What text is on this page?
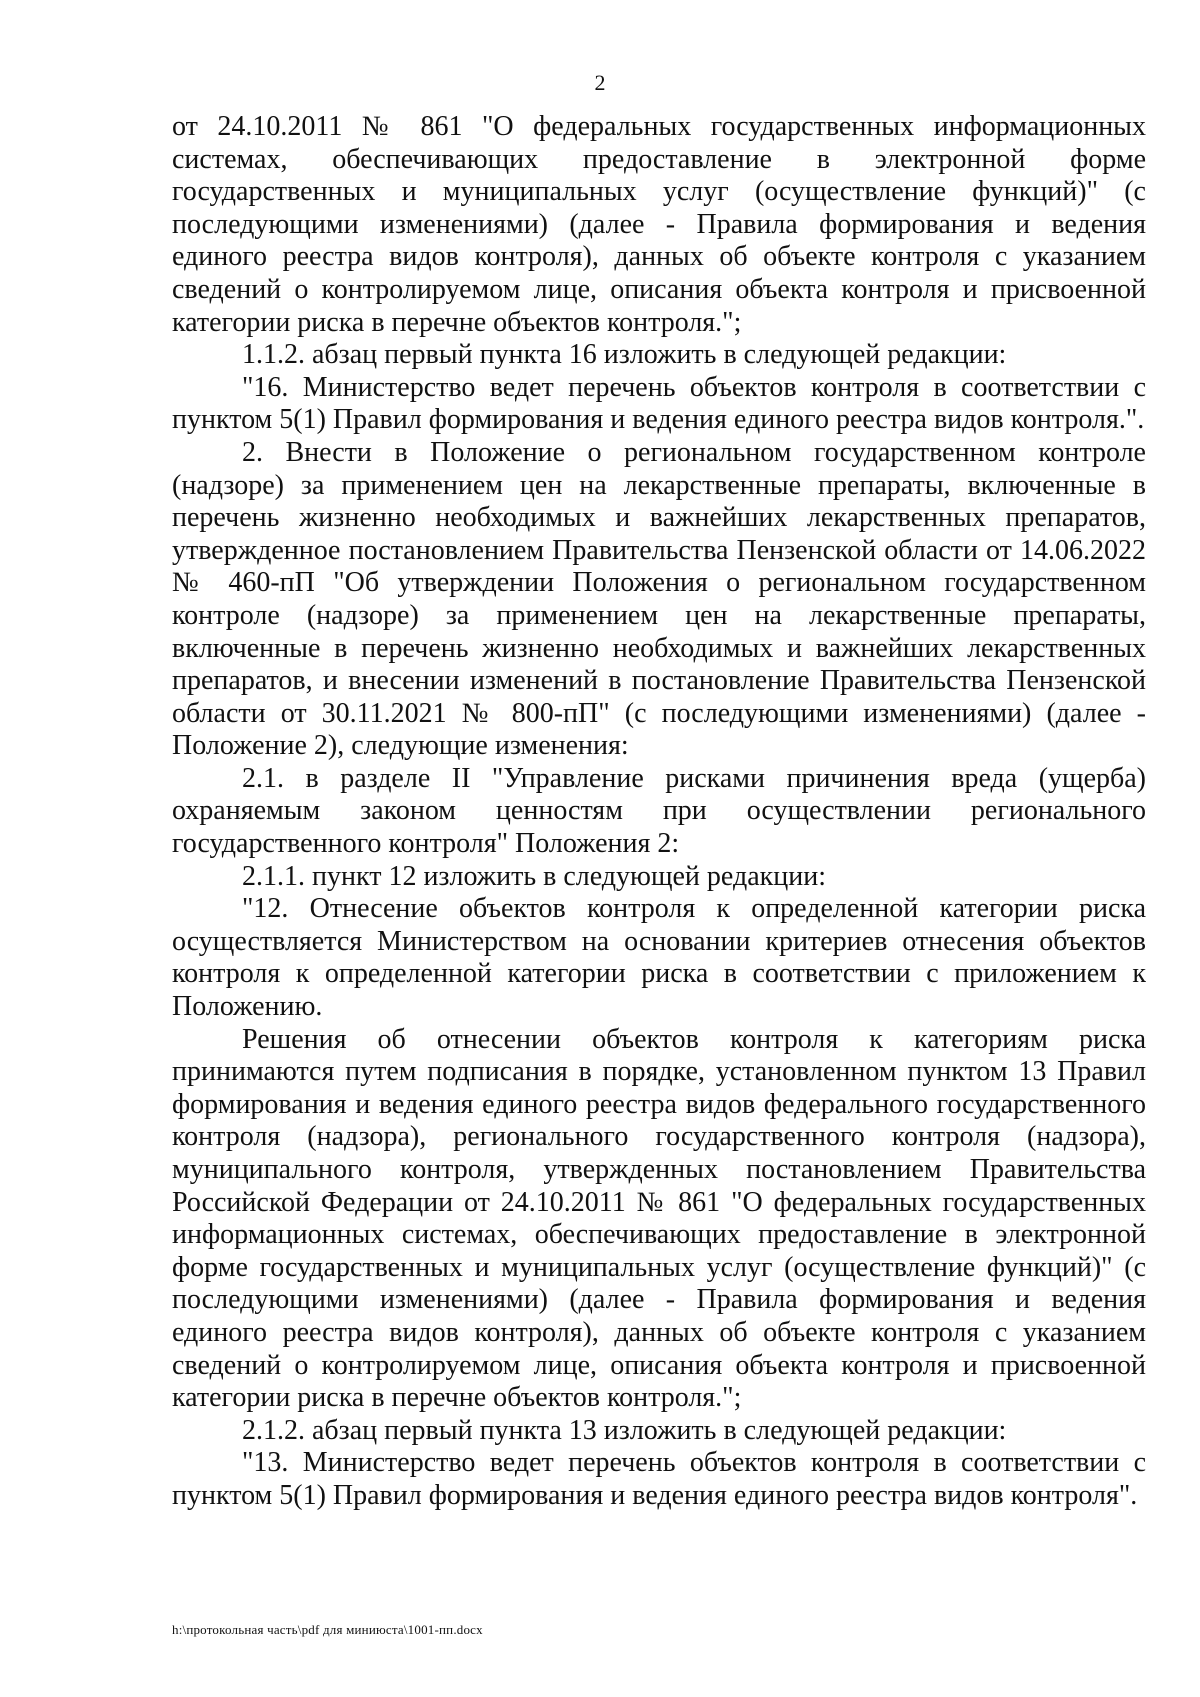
2

от 24.10.2011 № 861 "О федеральных государственных информационных системах, обеспечивающих предоставление в электронной форме государственных и муниципальных услуг (осуществление функций)" (с последующими изменениями) (далее - Правила формирования и ведения единого реестра видов контроля), данных об объекте контроля с указанием сведений о контролируемом лице, описания объекта контроля и присвоенной категории риска в перечне объектов контроля.";

1.1.2. абзац первый пункта 16 изложить в следующей редакции:

"16. Министерство ведет перечень объектов контроля в соответствии с пунктом 5(1) Правил формирования и ведения единого реестра видов контроля.".

2. Внести в Положение о региональном государственном контроле (надзоре) за применением цен на лекарственные препараты, включенные в перечень жизненно необходимых и важнейших лекарственных препаратов, утвержденное постановлением Правительства Пензенской области от 14.06.2022 № 460-пП "Об утверждении Положения о региональном государственном контроле (надзоре) за применением цен на лекарственные препараты, включенные в перечень жизненно необходимых и важнейших лекарственных препаратов, и внесении изменений в постановление Правительства Пензенской области от 30.11.2021 № 800-пП" (с последующими изменениями) (далее - Положение 2), следующие изменения:

2.1. в разделе II "Управление рисками причинения вреда (ущерба) охраняемым законом ценностям при осуществлении регионального государственного контроля" Положения 2:

2.1.1. пункт 12 изложить в следующей редакции:

"12. Отнесение объектов контроля к определенной категории риска осуществляется Министерством на основании критериев отнесения объектов контроля к определенной категории риска в соответствии с приложением к Положению.

Решения об отнесении объектов контроля к категориям риска принимаются путем подписания в порядке, установленном пунктом 13 Правил формирования и ведения единого реестра видов федерального государственного контроля (надзора), регионального государственного контроля (надзора), муниципального контроля, утвержденных постановлением Правительства Российской Федерации от 24.10.2011 № 861 "О федеральных государственных информационных системах, обеспечивающих предоставление в электронной форме государственных и муниципальных услуг (осуществление функций)" (с последующими изменениями) (далее - Правила формирования и ведения единого реестра видов контроля), данных об объекте контроля с указанием сведений о контролируемом лице, описания объекта контроля и присвоенной категории риска в перечне объектов контроля.";

2.1.2. абзац первый пункта 13 изложить в следующей редакции:

"13. Министерство ведет перечень объектов контроля в соответствии с пунктом 5(1) Правил формирования и ведения единого реестра видов контроля".

h:\протокольная часть\pdf для миниюста\1001-пп.docx
